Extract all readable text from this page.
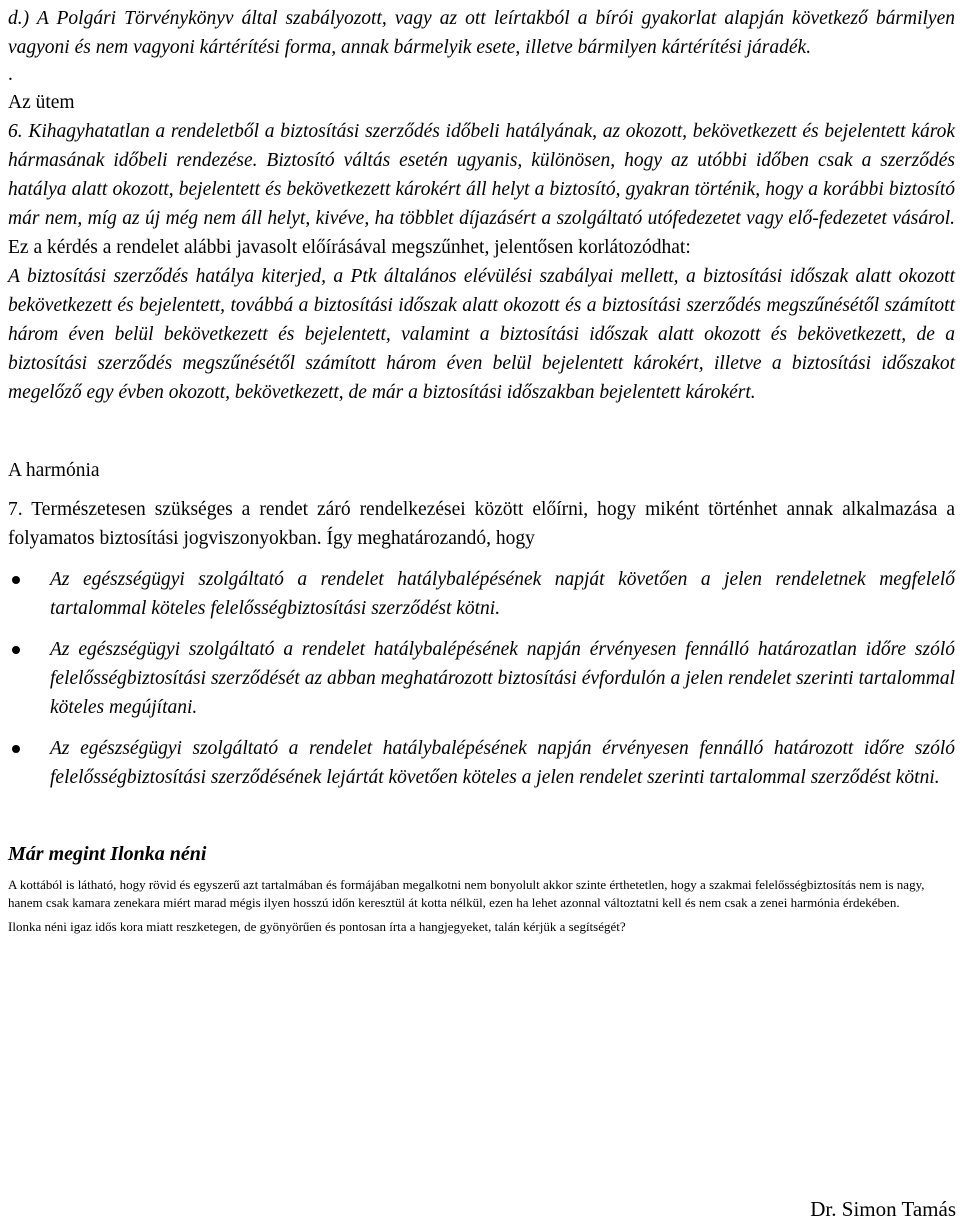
d.) A Polgári Törvénykönyv által szabályozott, vagy az ott leírtakból a bírói gyakorlat alapján következő bármilyen vagyoni és nem vagyoni kártérítési forma, annak bármelyik esete, illetve bármilyen kártérítési járadék.

.

Az ütem

6. Kihagyhatatlan a rendeletből a biztosítási szerződés időbeli hatályának, az okozott, bekövetkezett és bejelentett károk hármasának időbeli rendezése. Biztosító váltás esetén ugyanis, különösen, hogy az utóbbi időben csak a szerződés hatálya alatt okozott, bejelentett és bekövetkezett károkért áll helyt a biztosító, gyakran történik, hogy a korábbi biztosító már nem, míg az új még nem áll helyt, kivéve, ha többlet díjazásért a szolgáltató utófedezetet vagy elő-fedezetet vásárol. Ez a kérdés a rendelet alábbi javasolt előírásával megszűnhet, jelentősen korlátozódhat:

A biztosítási szerződés hatálya kiterjed, a Ptk általános elévülési szabályai mellett, a biztosítási időszak alatt okozott bekövetkezett és bejelentett, továbbá a biztosítási időszak alatt okozott és a biztosítási szerződés megszűnésétől számított három éven belül bekövetkezett és bejelentett, valamint a biztosítási időszak alatt okozott és bekövetkezett, de a biztosítási szerződés megszűnésétől számított három éven belül bejelentett károkért, illetve a biztosítási időszakot megelőző egy évben okozott, bekövetkezett, de már a biztosítási időszakban bejelentett károkért.

A harmónia

7. Természetesen szükséges a rendet záró rendelkezései között előírni, hogy miként történhet annak alkalmazása a folyamatos biztosítási jogviszonyokban. Így meghatározandó, hogy

Az egészségügyi szolgáltató a rendelet hatálybalépésének napját követően a jelen rendeletnek megfelelő tartalommal köteles felelősségbiztosítási szerződést kötni.
Az egészségügyi szolgáltató a rendelet hatálybalépésének napján érvényesen fennálló határozatlan időre szóló felelősségbiztosítási szerződését az abban meghatározott biztosítási évfordulón a jelen rendelet szerinti tartalommal köteles megújítani.
Az egészségügyi szolgáltató a rendelet hatálybalépésének napján érvényesen fennálló határozott időre szóló felelősségbiztosítási szerződésének lejártát követően köteles a jelen rendelet szerinti tartalommal szerződést kötni.

Már megint Ilonka néni

A kottából is látható, hogy rövid és egyszerű azt tartalmában és formájában megalkotni nem bonyolult akkor szinte érthetetlen, hogy a szakmai felelősségbiztosítás nem is nagy, hanem csak kamara zenekara miért marad mégis ilyen hosszú időn keresztül át kotta nélkül, ezen ha lehet azonnal változtatni kell és nem csak a zenei harmónia érdekében.

Ilonka néni igaz idős kora miatt reszketegen, de gyönyörűen és pontosan írta a hangjegyeket, talán kérjük a segítségét?

Dr. Simon Tamás
